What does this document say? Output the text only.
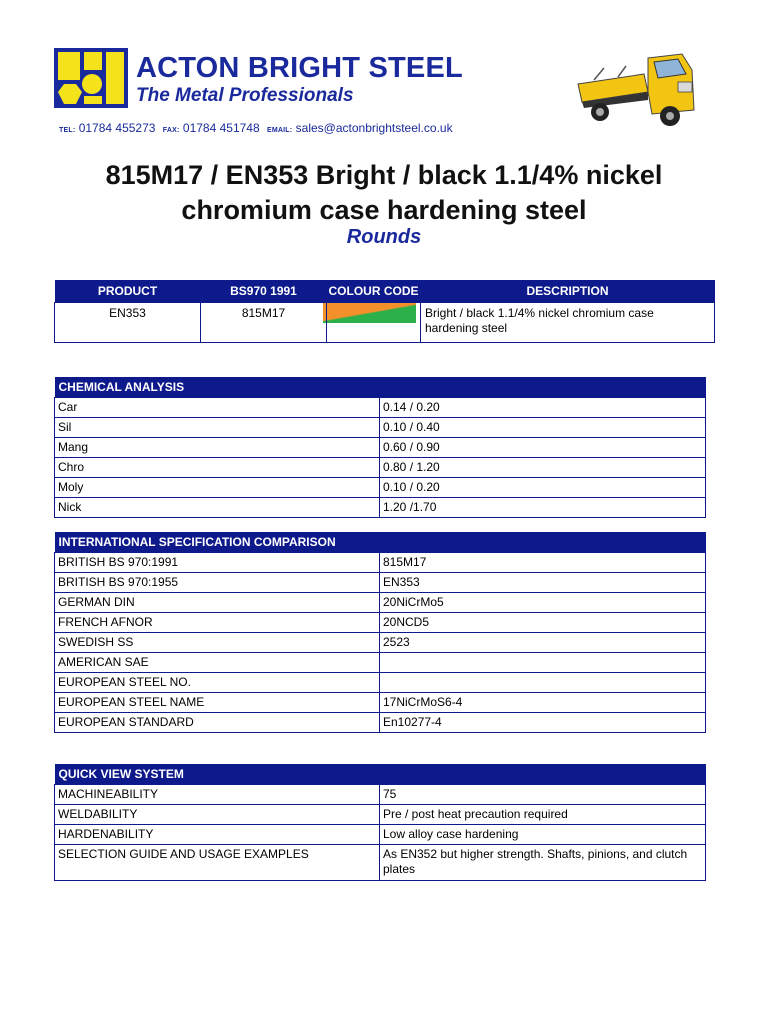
ACTON BRIGHT STEEL
The Metal Professionals
TEL: 01784 455273 FAX: 01784 451748 EMAIL: sales@actonbrightsteel.co.uk
815M17 / EN353 Bright / black 1.1/4% nickel chromium case hardening steel
Rounds
PRODUCT	BS970 1991	COLOUR CODE	DESCRIPTION
EN353	815M17		Bright / black 1.1/4% nickel chromium case hardening steel
CHEMICAL ANALYSIS	
Car	0.14 / 0.20
Sil	0.10 / 0.40
Mang	0.60 / 0.90
Chro	0.80 / 1.20
Moly	0.10 / 0.20
Nick	1.20 /1.70
INTERNATIONAL SPECIFICATION COMPARISON	
BRITISH BS 970:1991	815M17
BRITISH BS 970:1955	EN353
GERMAN DIN	20NiCrMo5
FRENCH AFNOR	20NCD5
SWEDISH SS	2523
AMERICAN SAE	
EUROPEAN STEEL NO.	
EUROPEAN STEEL NAME	17NiCrMoS6-4
EUROPEAN STANDARD	En10277-4
QUICK VIEW SYSTEM	
MACHINEABILITY	75
WELDABILITY	Pre / post heat precaution required
HARDENABILITY	Low alloy case hardening
SELECTION GUIDE AND USAGE EXAMPLES	As EN352 but higher strength. Shafts, pinions, and clutch plates
